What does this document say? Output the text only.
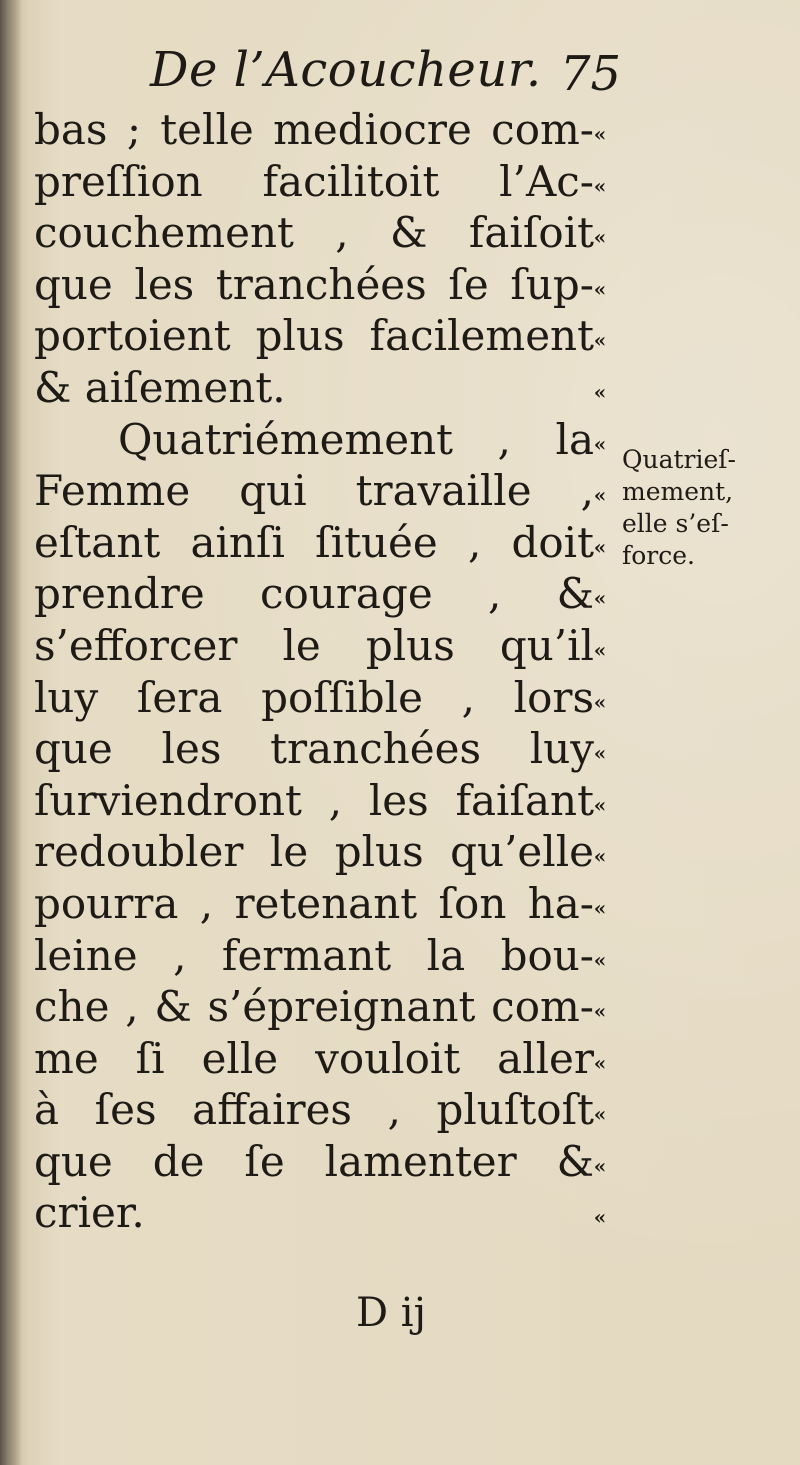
De l’Acoucheur. 75
bas ; telle mediocre com-
preſſion facilitoit l’Ac-
couchement , & faiſoit
que les tranchées ſe ſup-
portoient plus facilement
& aiſement.
Quatriémement , la
Femme qui travaille ,
eſtant ainſi ſituée , doit
prendre courage , &
s’efforcer le plus qu’il
luy ſera poſſible , lors
que les tranchées luy
ſurviendront , les faiſant
redoubler le plus qu’elle
pourra , retenant ſon ha-
leine , fermant la bou-
che , & s’épreignant com-
me ſi elle vouloit aller
à ſes affaires , pluſtoſt
que de ſe lamenter &
crier.
«
«
«
«
«
«
«
«
«
«
«
«
«
«
«
«
«
«
«
«
«
«
Quatrieſ-
mement,
elle s’eſ-
force.
D ij
